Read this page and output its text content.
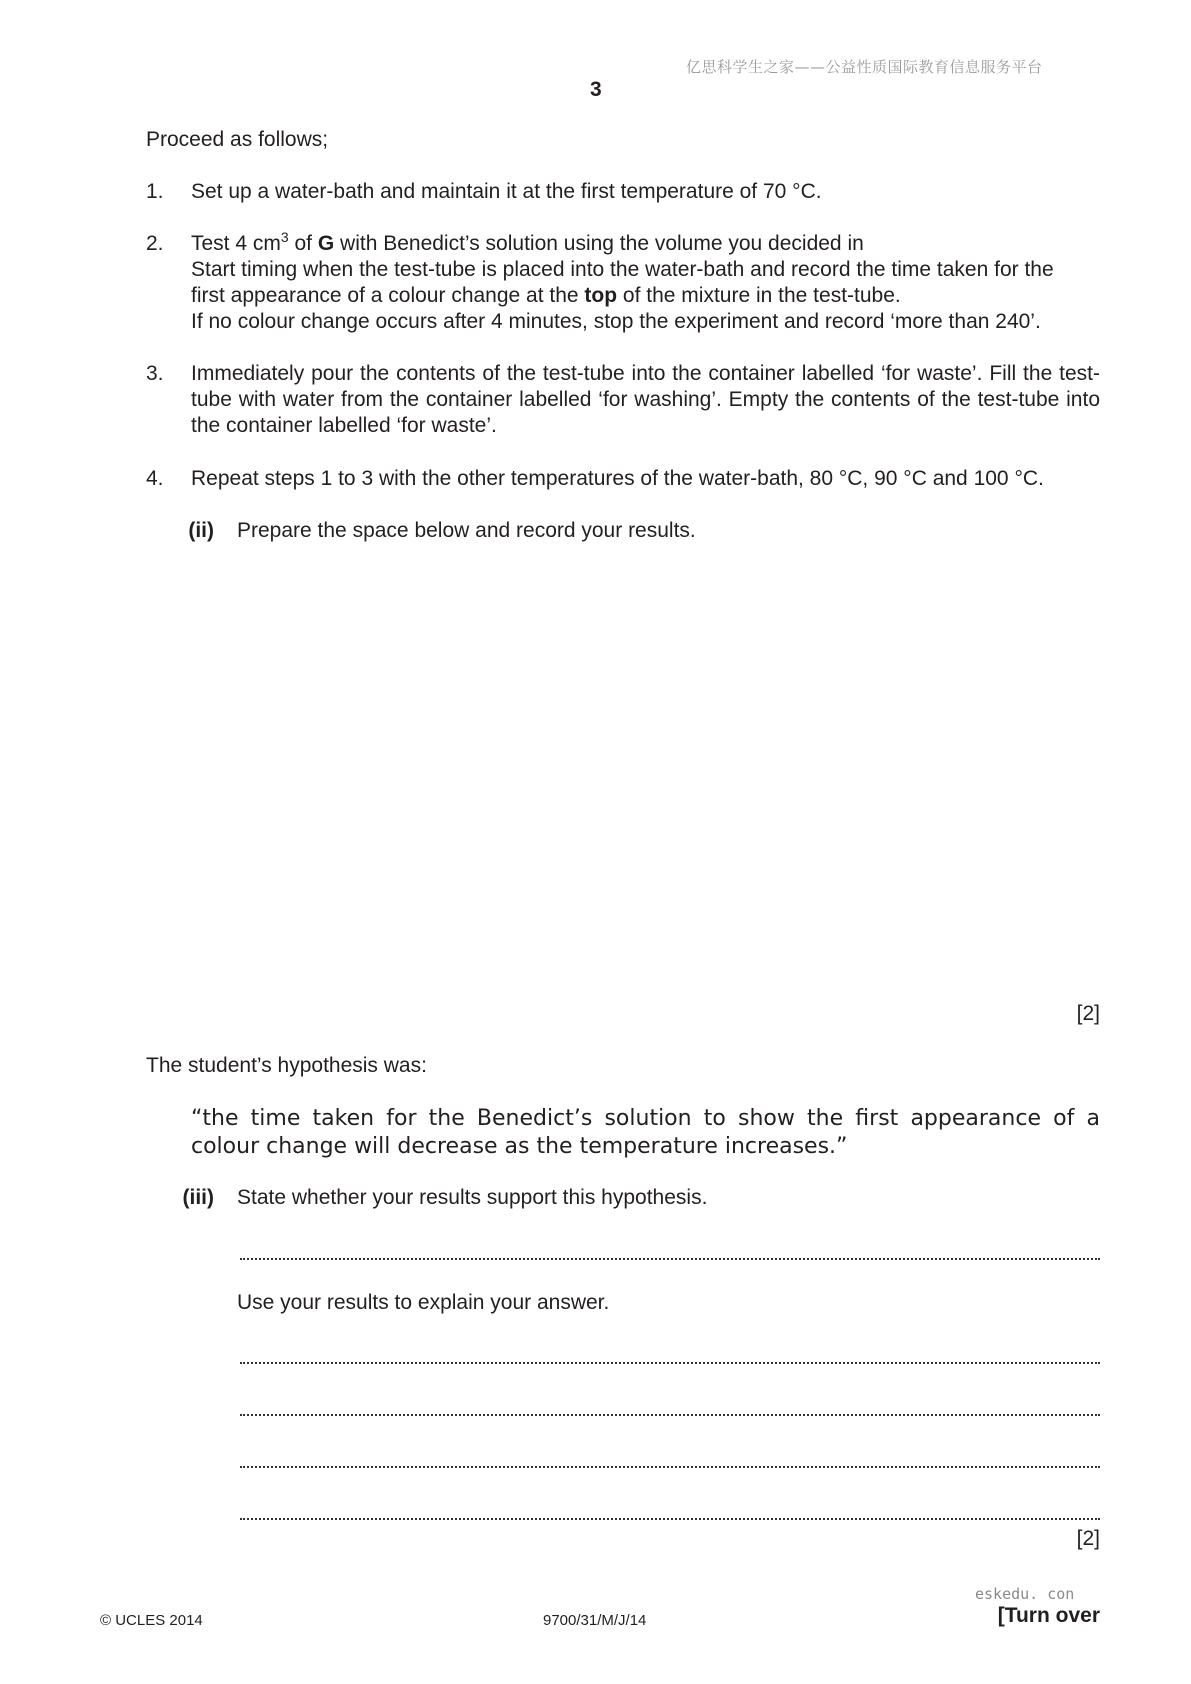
亿思科学生之家——公益性质国际教育信息服务平台
3
Proceed as follows;
1.	Set up a water-bath and maintain it at the first temperature of 70 °C.
2.	Test 4 $cm^3$ of G with Benedict’s solution using the volume you decided in

Start timing when the test-tube is placed into the water-bath and record the time taken for the

first appearance of a colour change at the top of the mixture in the test-tube.

If no colour change occurs after 4 minutes, stop the experiment and record ‘more than 240’.

3.	Immediately pour the contents of the test-tube into the container labelled ‘for waste’. Fill the test-tube with water from the container labelled ‘for washing’. Empty the contents of the test-tube into the container labelled ‘for waste’.
4.	Repeat steps 1 to 3 with the other temperatures of the water-bath, 80 °C, 90 °C and 100 °C.
(ii) Prepare the space below and record your results.
[2]
The student’s hypothesis was:
“the time taken for the Benedict’s solution to show the first appearance of a colour change will decrease as the temperature increases.”
(iii) State whether your results support this hypothesis.
Use your results to explain your answer.
[2]
eskedu. con
© UCLES 2014	9700/31/M/J/14	[Turn over
